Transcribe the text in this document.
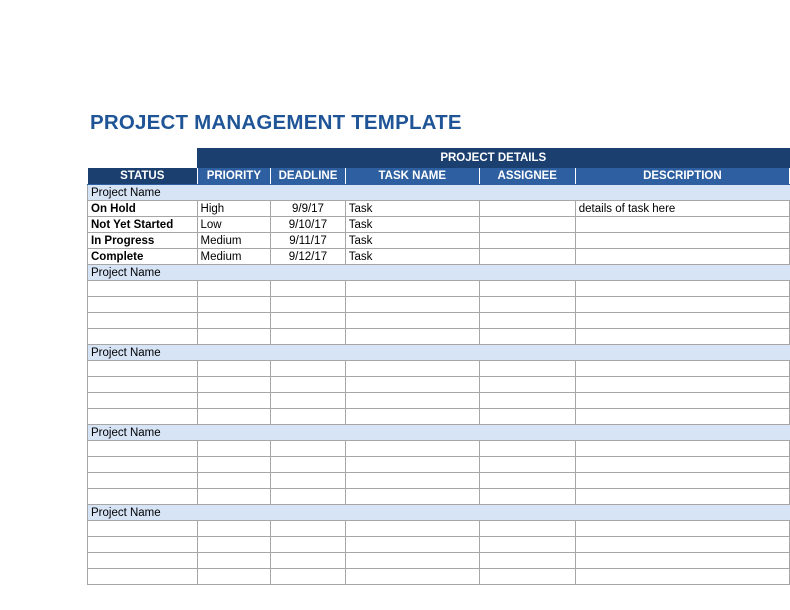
PROJECT MANAGEMENT TEMPLATE
	PROJECT DETAILS				
STATUS	PRIORITY	DEADLINE	TASK NAME	ASSIGNEE	DESCRIPTION
Project Name					
On Hold	High	9/9/17	Task		details of task here
Not Yet Started	Low	9/10/17	Task		
In Progress	Medium	9/11/17	Task		
Complete	Medium	9/12/17	Task		
Project Name					

Project Name					

Project Name					

Project Name					
